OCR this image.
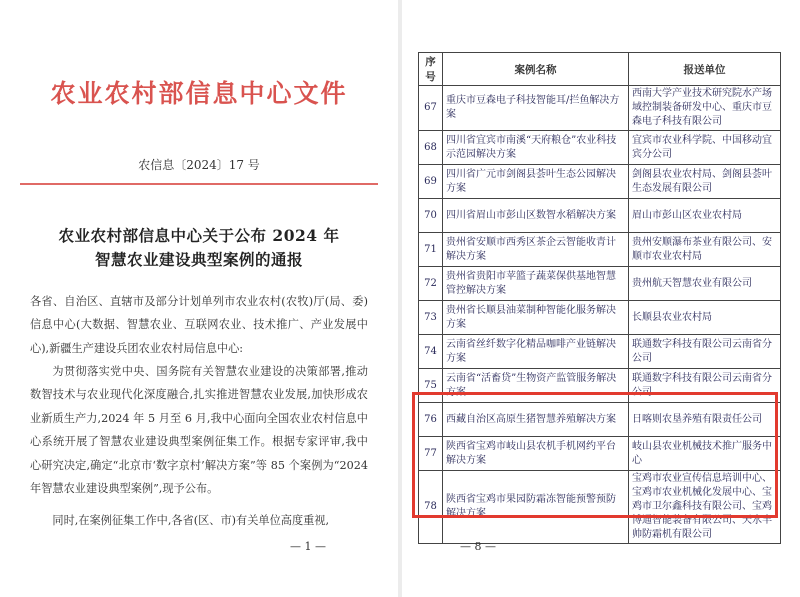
农业农村部信息中心文件
农信息〔2024〕17 号
农业农村部信息中心关于公布 2024 年
智慧农业建设典型案例的通报
各省、自治区、直辖市及部分计划单列市农业农村(农牧)厅(局、委)信息中心(大数据、智慧农业、互联网农业、技术推广、产业发展中心),新疆生产建设兵团农业农村局信息中心:
为贯彻落实党中央、国务院有关智慧农业建设的决策部署,推动数智技术与农业现代化深度融合,扎实推进智慧农业发展,加快形成农业新质生产力,2024 年 5 月至 6 月,我中心面向全国农业农村信息中心系统开展了智慧农业建设典型案例征集工作。根据专家评审,我中心研究决定,确定“北京市‘数字京村’解决方案”等 85 个案例为“2024 年智慧农业建设典型案例”,现予公布。
同时,在案例征集工作中,各省(区、市)有关单位高度重视,
— 1 —
序号	案例名称	报送单位
67	重庆市豆森电子科技智能耳/拦鱼解决方案	西南大学产业技术研究院水产场域控制装备研发中心、重庆市豆森电子科技有限公司
68	四川省宜宾市南溪“天府粮仓”农业科技示范园解决方案	宜宾市农业科学院、中国移动宜宾分公司
69	四川省广元市剑阁县荟叶生态公园解决方案	剑阁县农业农村局、剑阁县荟叶生态发展有限公司
70	四川省眉山市彭山区数智水稻解决方案	眉山市彭山区农业农村局
71	贵州省安顺市西秀区茶企云智能收青计解决方案	贵州安顺瀑布茶业有限公司、安顺市农业农村局
72	贵州省贵阳市苹篮子蔬菜保供基地智慧管控解决方案	贵州航天智慧农业有限公司
73	贵州省长顺县油菜制种智能化服务解决方案	长顺县农业农村局
74	云南省丝纤数字化精品咖啡产业链解决方案	联通数字科技有限公司云南省分公司
75	云南省“活畜贷”生物资产监管服务解决方案	联通数字科技有限公司云南省分公司
76	西藏自治区高原生猪智慧养殖解决方案	日喀则农垦养殖有限责任公司
77	陕西省宝鸡市岐山县农机手机网约平台解决方案	岐山县农业机械技术推广服务中心
78	陕西省宝鸡市果园防霜冻智能预警预防解决方案	宝鸡市农业宣传信息培训中心、宝鸡市农业机械化发展中心、宝鸡市卫尔鑫科技有限公司、宝鸡博通智能装备有限公司、天水丰帅防霜机有限公司
— 8 —
